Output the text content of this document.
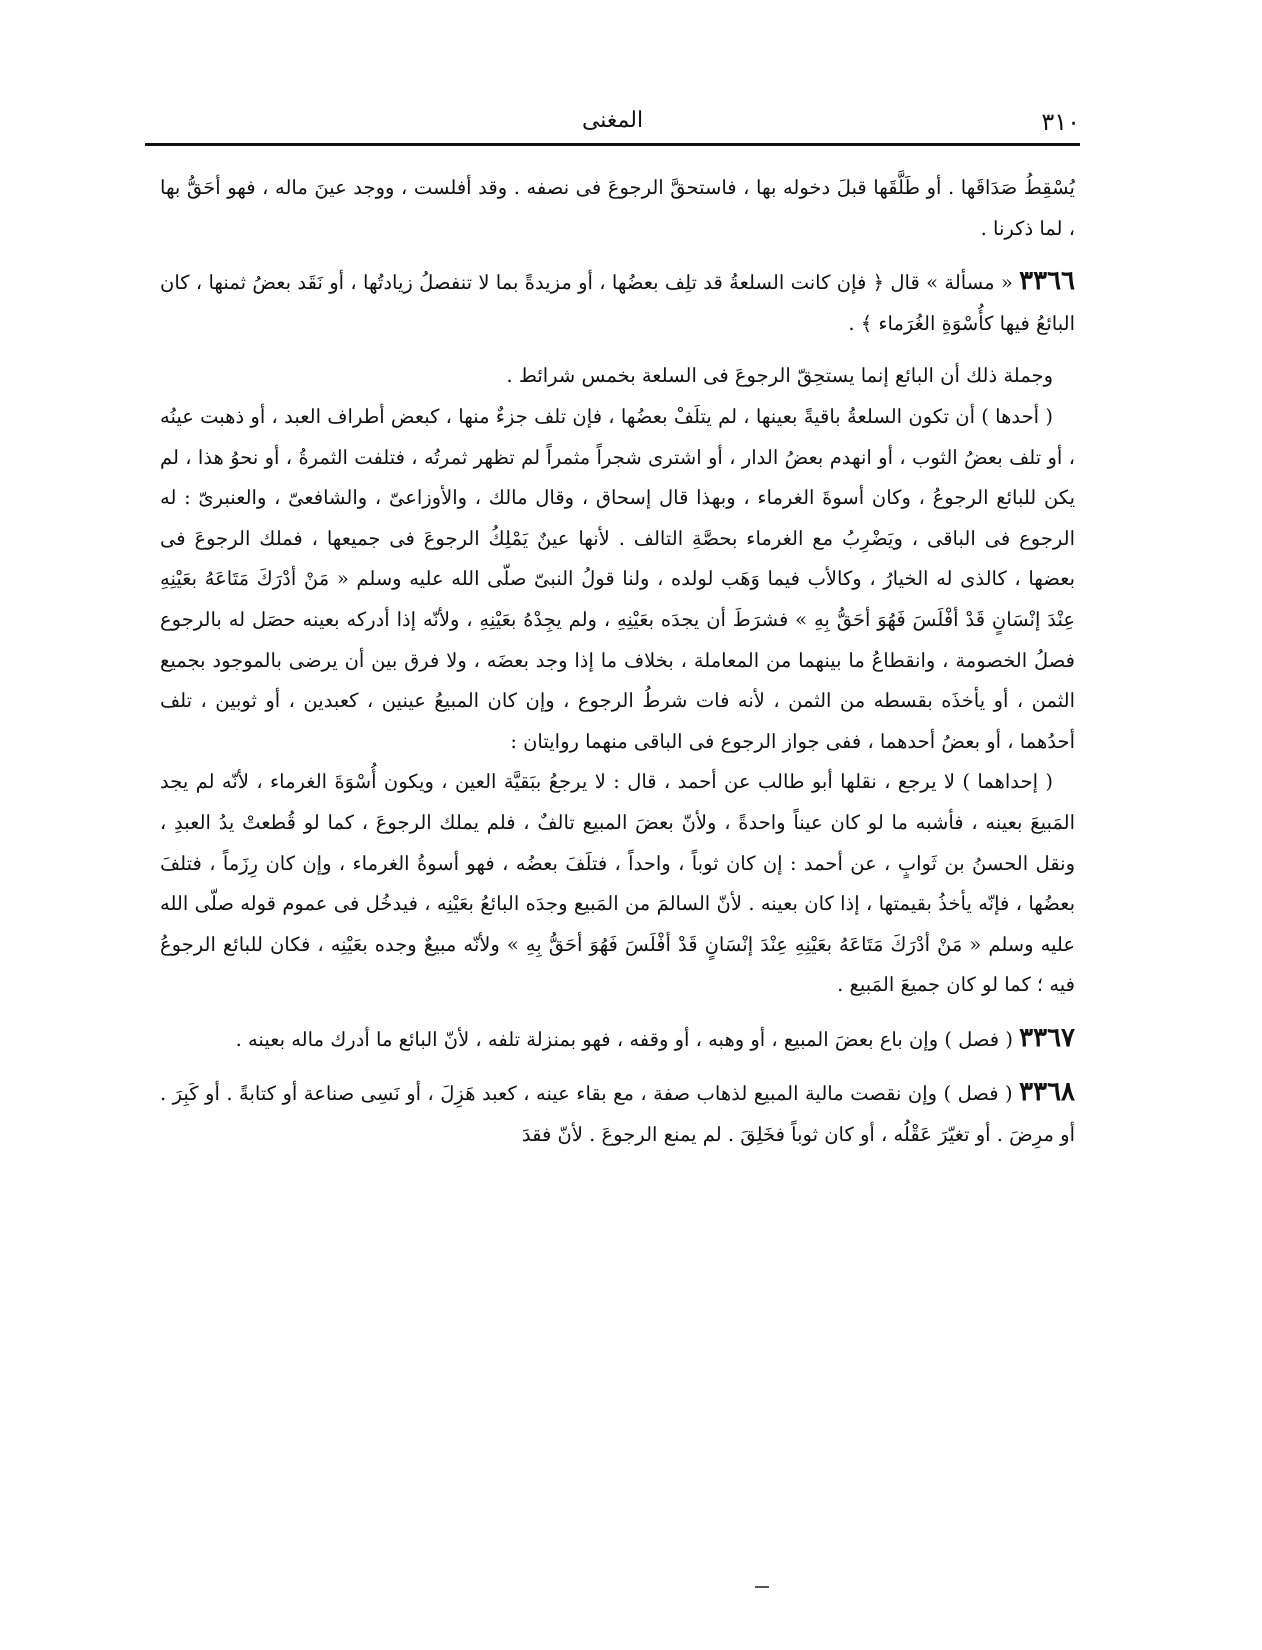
٣١٠
المغنى

يُسْقِطُ صَدَاقَها . أو طَلَّقَها قبلَ دخوله بها ، فاستحقَّ الرجوعَ فى نصفه . وقد أفلست ، ووجد عينَ ماله ، فهو أحَقُّ بها ، لما ذكرنا .

٣٣٦٦ « مسألة » قال ﴿ فإن كانت السلعةُ قد تلِف بعضُها ، أو مزيدةً بما لا تنفصلُ زيادتُها ، أو نَقَد بعضُ ثمنها ، كان البائعُ فيها كأُسْوَةِ الغُرَماء ﴾ .

وجملة ذلك أن البائع إنما يستحِقّ الرجوعَ فى السلعة بخمس شرائط .

( أحدها ) أن تكون السلعةُ باقيةً بعينها ، لم يتلَفْ بعضُها ، فإن تلف جزءٌ منها ، كبعض أطراف العبد ، أو ذهبت عينُه ، أو تلف بعضُ الثوب ، أو انهدم بعضُ الدار ، أو اشترى شجراً مثمراً لم تظهر ثمرتُه ، فتلفت الثمرةُ ، أو نحوُ هذا ، لم يكن للبائع الرجوعُ ، وكان أسوةَ الغرماء ، وبهذا قال إسحاق ، وقال مالك ، والأوزاعىّ ، والشافعىّ ، والعنبرىّ : له الرجوع فى الباقى ، ويَضْرِبُ مع الغرماء بحصَّةِ التالف . لأنها عينٌ يَمْلِكُ الرجوعَ فى جميعها ، فملك الرجوعَ فى بعضها ، كالذى له الخيارُ ، وكالأب فيما وَهَب لولده ، ولنا قولُ النبىّ صلّى الله عليه وسلم « مَنْ أدْرَكَ مَتَاعَهُ بعَيْنِهِ عِنْدَ إنْسَانٍ قَدْ أفْلَسَ فَهُوَ أحَقُّ بِهِ » فشرَطَ أن يجدَه بعَيْنِهِ ، ولم يجِدْهُ بعَيْنِهِ ، ولأنّه إذا أدركه بعينه حصَل له بالرجوع فصلُ الخصومة ، وانقطاعُ ما بينهما من المعاملة ، بخلاف ما إذا وجد بعضَه ، ولا فرق بين أن يرضى بالموجود بجميع الثمن ، أو يأخذَه بقسطه من الثمن ، لأنه فات شرطُ الرجوع ، وإن كان المبيعُ عينين ، كعبدين ، أو ثوبين ، تلف أحدُهما ، أو بعضُ أحدهما ، ففى جواز الرجوع فى الباقى منهما روايتان :

( إحداهما ) لا يرجع ، نقلها أبو طالب عن أحمد ، قال : لا يرجعُ ببَقيَّة العين ، ويكون أُسْوَةَ الغرماء ، لأنّه لم يجد المَبيعَ بعينه ، فأشبه ما لو كان عيناً واحدةً ، ولأنّ بعضَ المبيع تالفٌ ، فلم يملك الرجوعَ ، كما لو قُطعتْ يدُ العبدِ ، ونقل الحسنُ بن ثَوابٍ ، عن أحمد : إن كان ثوباً ، واحداً ، فتلَفَ بعضُه ، فهو أسوةُ الغرماء ، وإن كان رِزَماً ، فتلفَ بعضُها ، فإنّه يأخذُ بقيمتها ، إذا كان بعينه . لأنّ السالمَ من المَبيع وجدَه البائعُ بعَيْنِه ، فيدخُل فى عموم قوله صلّى الله عليه وسلم « مَنْ أدْرَكَ مَتَاعَهُ بعَيْنِهِ عِنْدَ إنْسَانٍ قَدْ أفْلَسَ فَهُوَ أحَقُّ بِهِ » ولأنّه مبيعٌ وجده بعَيْنِه ، فكان للبائع الرجوعُ فيه ؛ كما لو كان جميعَ المَبيع .

٣٣٦٧ ( فصل ) وإن باع بعضَ المبيع ، أو وهبه ، أو وقفه ، فهو بمنزلة تلفه ، لأنّ البائع ما أدرك ماله بعينه .

٣٣٦٨ ( فصل ) وإن نقصت مالية المبيع لذهاب صفة ، مع بقاء عينه ، كعبد هَزِلَ ، أو نَسِى صناعة أو كتابةً . أو كَبِرَ . أو مرِضَ . أو تغيّرَ عَقْلُه ، أو كان ثوباً فخَلِقَ . لم يمنع الرجوعَ . لأنّ فقدَ
